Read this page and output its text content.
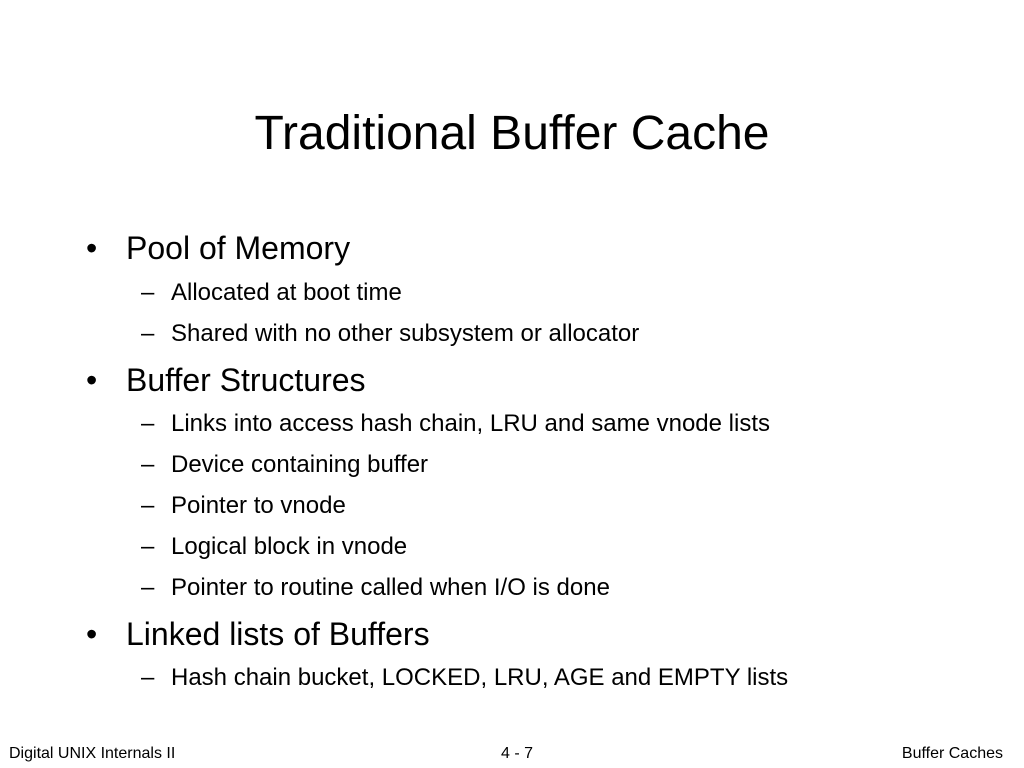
Traditional Buffer Cache
• Pool of Memory
– Allocated at boot time
– Shared with no other subsystem or allocator
• Buffer Structures
– Links into access hash chain, LRU and same vnode lists
– Device containing buffer
– Pointer to vnode
– Logical block in vnode
– Pointer to routine called when I/O is done
• Linked lists of Buffers
– Hash chain bucket, LOCKED, LRU, AGE and EMPTY lists
Digital UNIX Internals II	4 - 7	Buffer Caches
